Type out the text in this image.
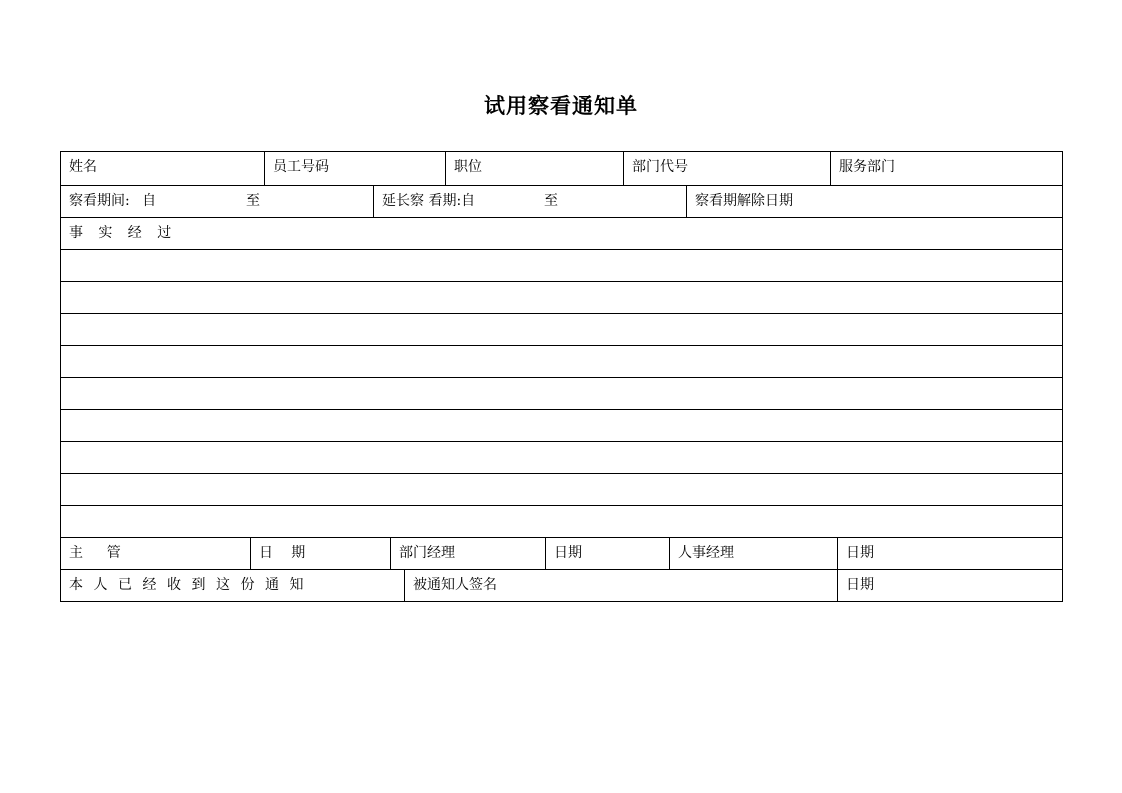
试用察看通知单
姓名	员工号码	职位	部门代号	服务部门
察看期间: 自	至	延长察 看期:自	至	察看期解除日期
事实经过
主管	日期	部门经理	日期	人事经理	日期
本人已经收到这份通知	被通知人签名	日期
